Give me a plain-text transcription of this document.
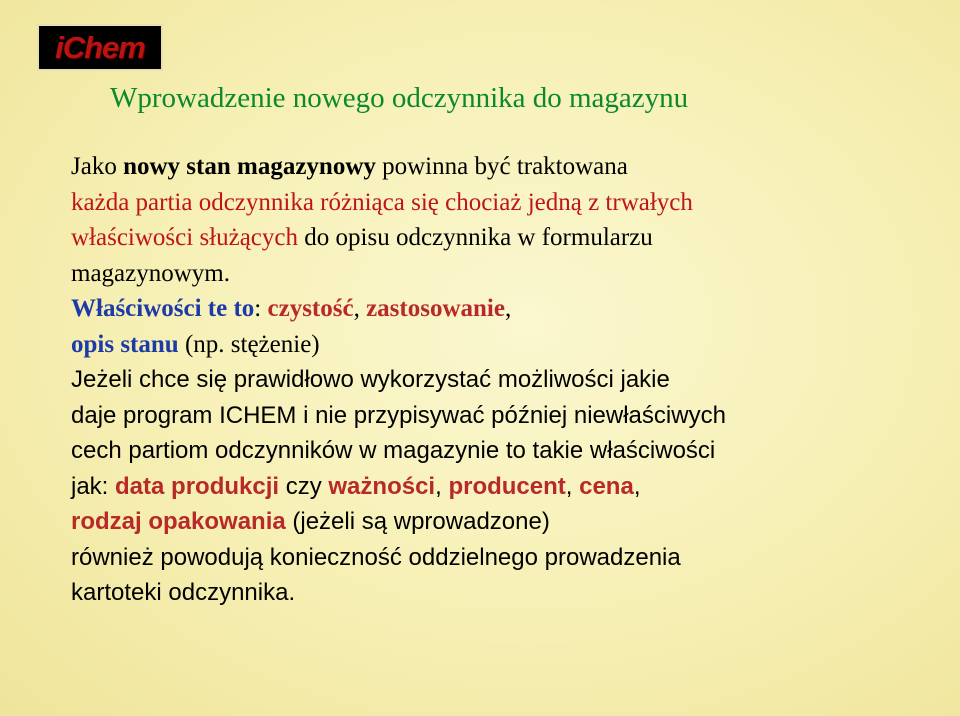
iChem
Wprowadzenie nowego odczynnika do magazynu
Jako nowy stan magazynowy powinna być traktowana
każda partia odczynnika różniąca się chociaż jedną z trwałych
właściwości służących do opisu odczynnika w formularzu
magazynowym.
Właściwości te to: czystość, zastosowanie,
opis stanu (np. stężenie)
Jeżeli chce się prawidłowo wykorzystać możliwości jakie
daje program ICHEM i nie przypisywać później niewłaściwych
cech partiom odczynników w magazynie to takie właściwości
jak: data produkcji czy ważności, producent, cena,
rodzaj opakowania (jeżeli są wprowadzone)
również powodują konieczność oddzielnego prowadzenia
kartoteki odczynnika.
